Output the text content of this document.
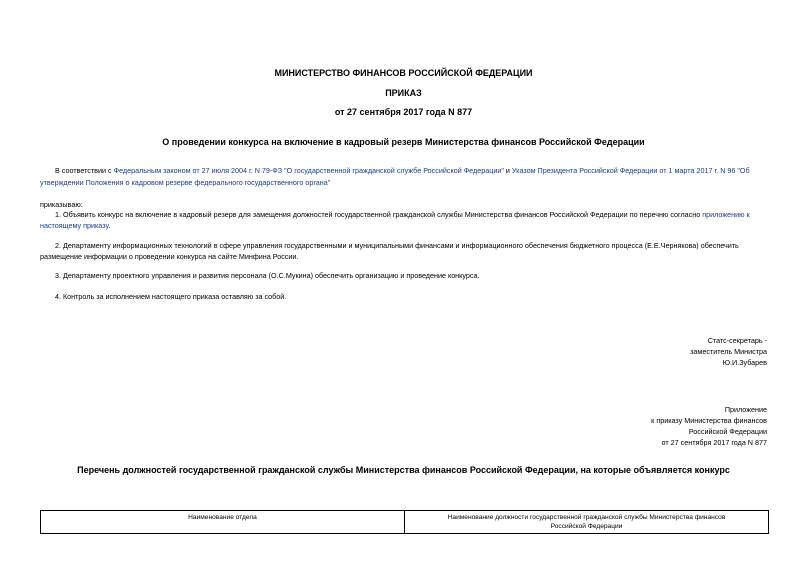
МИНИСТЕРСТВО ФИНАНСОВ РОССИЙСКОЙ ФЕДЕРАЦИИ
ПРИКАЗ
от 27 сентября 2017 года N 877
О проведении конкурса на включение в кадровый резерв Министерства финансов Российской Федерации
В соответствии с Федеральным законом от 27 июля 2004 г. N 79-ФЗ "О государственной гражданской службе Российской Федерации" и Указом Президента Российской Федерации от 1 марта 2017 г. N 96 "Об
утверждении Положения о кадровом резерве федерального государственного органа"
приказываю:
1. Объявить конкурс на включение в кадровый резерв для замещения должностей государственной гражданской службы Министерства финансов Российской Федерации по перечню согласно приложению к
настоящему приказу.
2. Департаменту информационных технологий в сфере управления государственными и муниципальными финансами и информационного обеспечения бюджетного процесса (Е.Е.Чернякова) обеспечить
размещение информации о проведении конкурса на сайте Минфина России.
3. Департаменту проектного управления и развития персонала (О.С.Мукина) обеспечить организацию и проведение конкурса.
4. Контроль за исполнением настоящего приказа оставляю за собой.
Статс-секретарь -
заместитель Министра
Ю.И.Зубарев
Приложение
к приказу Министерства финансов
Российской Федерации
от 27 сентября 2017 года N 877
Перечень должностей государственной гражданской службы Министерства финансов Российской Федерации, на которые объявляется конкурс
Наименование отдела	Наименование должности государственной гражданской службы Министерства финансов
Российской Федерации
